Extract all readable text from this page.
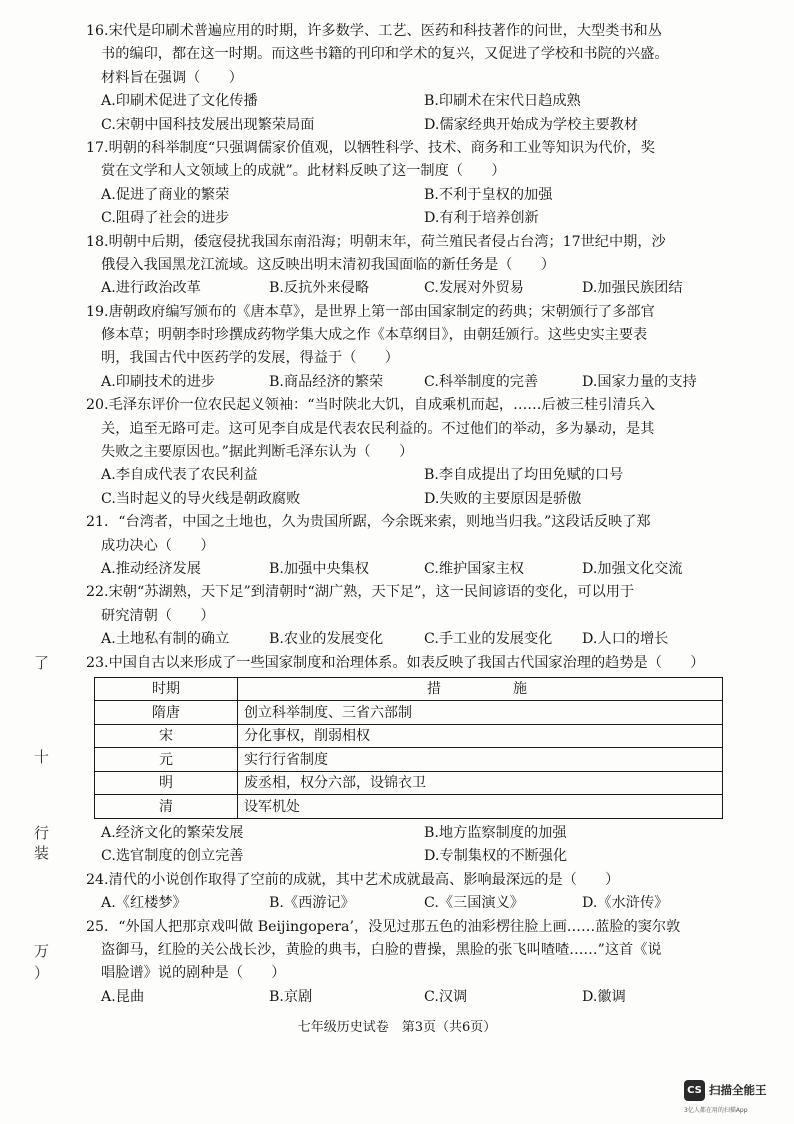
16.宋代是印刷术普遍应用的时期，许多数学、工艺、医药和科技著作的问世，大型类书和丛
书的编印，都在这一时期。而这些书籍的刊印和学术的复兴，又促进了学校和书院的兴盛。
材料旨在强调（　　）
A.印刷术促进了文化传播	B.印刷术在宋代日趋成熟
C.宋朝中国科技发展出现繁荣局面	D.儒家经典开始成为学校主要教材
17.明朝的科举制度“只强调儒家价值观，以牺牲科学、技术、商务和工业等知识为代价，奖
赏在文学和人文领域上的成就”。此材料反映了这一制度（　　）
A.促进了商业的繁荣	B.不利于皇权的加强
C.阻碍了社会的进步	D.有利于培养创新
18.明朝中后期，倭寇侵扰我国东南沿海；明朝末年，荷兰殖民者侵占台湾；17世纪中期，沙
俄侵入我国黑龙江流域。这反映出明末清初我国面临的新任务是（　　）
A.进行政治改革	B.反抗外来侵略	C.发展对外贸易	D.加强民族团结
19.唐朝政府编写颁布的《唐本草》，是世界上第一部由国家制定的药典；宋朝颁行了多部官
修本草；明朝李时珍撰成药物学集大成之作《本草纲目》，由朝廷颁行。这些史实主要表
明，我国古代中医药学的发展，得益于（　　）
A.印刷技术的进步	B.商品经济的繁荣	C.科举制度的完善	D.国家力量的支持
20.毛泽东评价一位农民起义领袖：“当时陕北大饥，自成乘机而起，……后被三桂引清兵入
关，追至无路可走。这可见李自成是代表农民利益的。不过他们的举动，多为暴动，是其
失败之主要原因也。”据此判断毛泽东认为（　　）
A.李自成代表了农民利益	B.李自成提出了均田免赋的口号
C.当时起义的导火线是朝政腐败	D.失败的主要原因是骄傲
21．“台湾者，中国之土地也，久为贵国所踞，今余既来索，则地当归我。”这段话反映了郑
成功决心（　　）
A.推动经济发展	B.加强中央集权	C.维护国家主权	D.加强文化交流
22.宋朝“苏湖熟，天下足”到清朝时“湖广熟，天下足”，这一民间谚语的变化，可以用于
研究清朝（　　）
A.土地私有制的确立	B.农业的发展变化	C.手工业的发展变化 D.人口的增长
23.中国自古以来形成了一些国家制度和治理体系。如表反映了我国古代国家治理的趋势是（　　）
时期	措施
隋唐	创立科举制度、三省六部制
宋	分化事权，削弱相权
元	实行行省制度
明	废丞相，权分六部，设锦衣卫
清	设军机处
A.经济文化的繁荣发展	B.地方监察制度的加强
C.选官制度的创立完善	D.专制集权的不断强化
24.清代的小说创作取得了空前的成就，其中艺术成就最高、影响最深远的是（　　）
A.《红楼梦》	B.《西游记》	C.《三国演义》	D.《水浒传》
25．“外国人把那京戏叫做 Beijingopera’，没见过那五色的油彩楞往脸上画……蓝脸的窦尔敦
盗御马，红脸的关公战长沙，黄脸的典韦，白脸的曹操，黑脸的张飞叫喳喳……”这首《说
唱脸谱》说的剧种是（　　）
A.昆曲	B.京剧	C.汉调	D.徽调
了
十
行
装
万
）
七年级历史试卷　第3页（共6页）
CS 扫描全能王
3亿人都在用的扫描App
